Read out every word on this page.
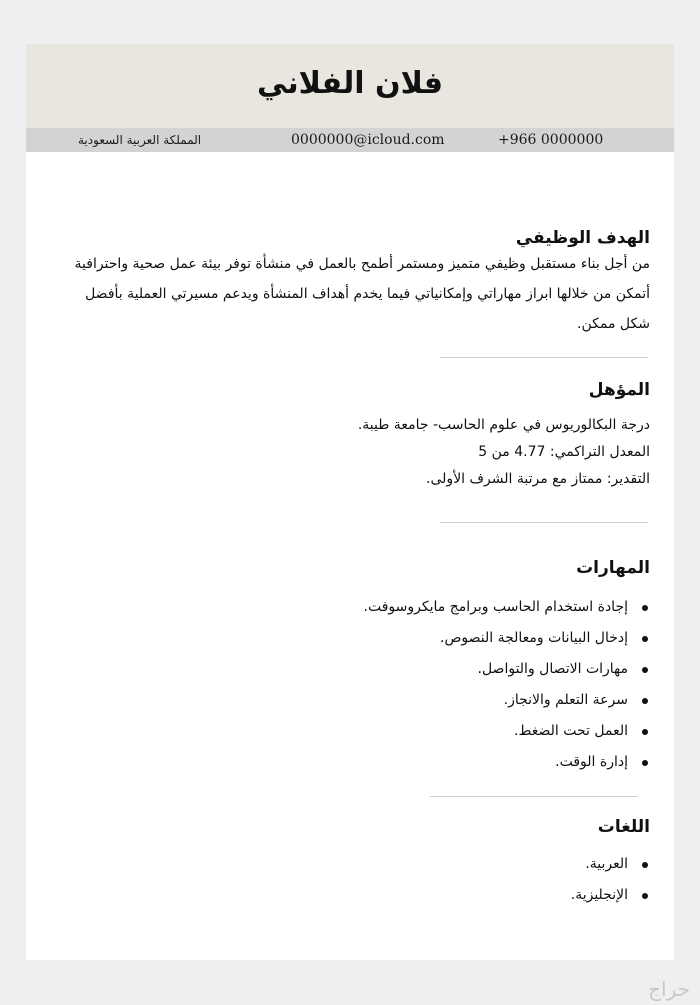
فلان الفلاني
+966 0000000
0000000@icloud.com
المملكة العربية السعودية

الهدف الوظيفي

من أجل بناء مستقبل وظيفي متميز ومستمر أطمح بالعمل في منشأة توفر بيئة عمل صحية واحترافية أتمكن من خلالها ابراز مهاراتي وإمكانياتي فيما يخدم أهداف المنشأة ويدعم مسيرتي العملية بأفضل شكل ممكن.

المؤهل

درجة البكالوريوس في علوم الحاسب- جامعة طيبة.

المعدل التراكمي: 4.77 من 5

التقدير: ممتاز مع مرتبة الشرف الأولى.

المهارات

إجادة استخدام الحاسب وبرامج مايكروسوفت.
إدخال البيانات ومعالجة النصوص.
مهارات الاتصال والتواصل.
سرعة التعلم والانجاز.
العمل تحت الضغط.
إدارة الوقت.

اللغات

العربية.
الإنجليزية.
حراج
